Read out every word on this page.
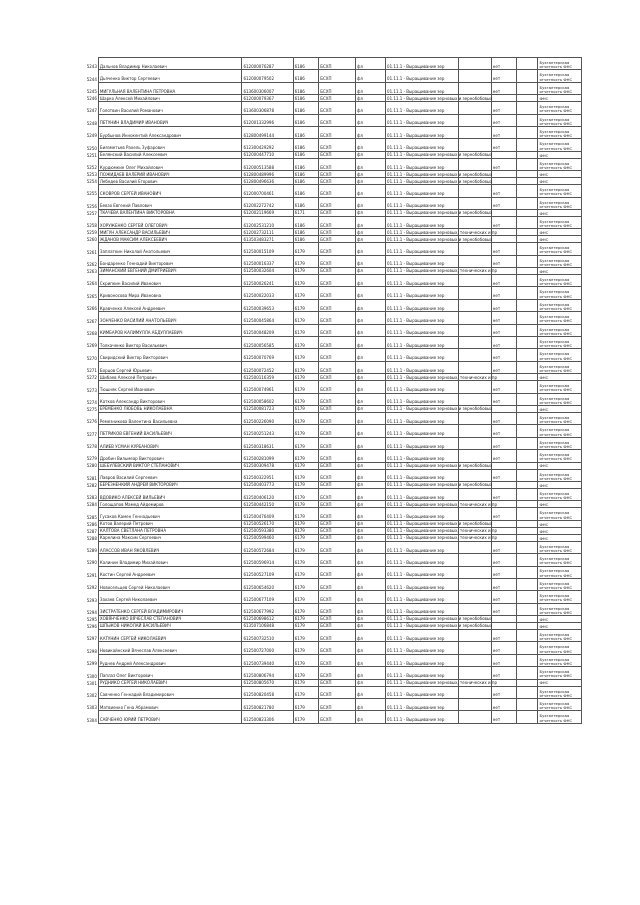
5243	Дальнов Владимир Николаевич	612000076287	6186	БСХП	фл	01.11.1 - Выращивание зер		нет		Бухгалтерская отчетность ФНС
5244	Дьяченко Виктор Сергеевич	612000079502	6186	БСХП	фл	01.11.1 - Выращивание зер		нет		Бухгалтерская отчетность ФНС
5245	МИГУЛЬНАЯ ВАЛЕНТИНА ПЕТРОВНА	613600306007	6186	БСХП	фл	01.11.1 - Выращивание зер		нет		Бухгалтерская отчетность ФНС
5246	Шарко Алексей Михайлович	612000079367	6186	БСХП	фл	01.11.1 - Выращивание зерновых и зернобобовых				ФНС
5247	Голотвин Василий Романович	613600306878	6186	БСХП	фл	01.11.1 - Выращивание зер		нет		Бухгалтерская отчетность ФНС
5248	ПЕТУНИН ВЛАДИМИР ИВАНОВИЧ	612001332996	6186	БСХП	фл	01.11.1 - Выращивание зер		нет		Бухгалтерская отчетность ФНС
5249	Бурбынов Иннокентий Александрович	612800499144	6186	БСХП	фл	01.11.1 - Выращивание зер		нет		Бухгалтерская отчетность ФНС
5250	Биязметьев Рахель Зуфарович	612300429292	6186	БСХП	фл	01.11.1 - Выращивание зер		нет		Бухгалтерская отчетность ФНС
5251	Белянский Василий Алексеевич	612000447710	6186	БСХП	фл	01.11.1 - Выращивание зерновых и зернобобовых				ФНС
5252	Курдюмкин Олег Михайлович	612000513588	6186	БСХП	фл	01.11.1 - Выращивание зер		нет		Бухгалтерская отчетность ФНС
5253	ПОЖИДАЕВ ВАЛЕРИЙ ИВАНОВИЧ	612800489996	6186	БСХП	фл	01.11.1 - Выращивание зерновых и зернобобовых				ФНС
5254	Лебедев Василий Егорович	612800496636	6186	БСХП	фл	01.11.1 - Выращивание зерновых и зернобобовых				ФНС
5255	СКОВРОВ СЕРГЕЙ ИВАНОВИЧ	612000700461	6186	БСХП	фл	01.11.1 - Выращивание зер		нет		Бухгалтерская отчетность ФНС
5256	Бевзо Евгений Павлович	612002272742	6186	БСХП	фл	01.11.1 - Выращивание зер		нет		Бухгалтерская отчетность ФНС
5257	ТКАЧЕВА ВАЛЕНТИНА ВИКТОРОВНА	612002119669	6171	БСХП	фл	01.11.1 - Выращивание зерновых и зернобобовых				ФНС
5258	ХОРУЖЕНКО СЕРГЕЙ ОЛЕГОВИЧ	612002531210	6186	БСХП	фл	01.11.1 - Выращивание зер		нет		Бухгалтерская отчетность ФНС
5259	МИГУН АЛЕКСАНДР ВАСИЛЬЕВИЧ	612002732111	6186	БСХП	фл	01.11.1 - Выращивание зерновых, технических и пр				ФНС
5260	ЖДАНОВ МАКСИМ АЛЕКСЕЕВИЧ	613503483271	6186	БСХП	фл	01.11.1 - Выращивание зерновых и зернобобовых				ФНС
5261	Заплаткин Николай Анатольевич	612500015109	6179	БСХП	фл	01.11.1 - Выращивание зер		нет		Бухгалтерская отчетность ФНС
5262	Бондаренко Геннадий Викторович	612500016337	6179	БСХП	фл	01.11.1 - Выращивание зер		нет		Бухгалтерская отчетность ФНС
5263	ЗИМАНСКИЙ ЕВГЕНИЙ ДМИТРИЕВИЧ	612500032604	6179	БСХП	фл	01.11.1 - Выращивание зерновых, технических и пр				ФНС
5264	Скрипкин Василий Иванович	612500026241	6179	БСХП	фл	01.11.1 - Выращивание зер		нет		Бухгалтерская отчетность ФНС
5265	Кривоносова Мира Ивановна	612500022033	6179	БСХП	фл	01.11.1 - Выращивание зер		нет		Бухгалтерская отчетность ФНС
5266	Кравченко Алексей Андреевич	612500039653	6179	БСХП	фл	01.11.1 - Выращивание зер		нет		Бухгалтерская отчетность ФНС
5267	ЗОНЧЕНКО ВАСИЛИЙ АНАТОЛЬЕВИЧ	612500045864	6179	БСХП	фл	01.11.1 - Выращивание зер		нет		Бухгалтерская отчетность ФНС
5268	КИМБАРОВ КАЛИМУЛЛА АБДУЛЛАЕВИЧ	612500048209	6179	БСХП	фл	01.11.1 - Выращивание зер		нет		Бухгалтерская отчетность ФНС
5269	Толкаченко Виктор Васильевич	612500056585	6179	БСХП	фл	01.11.1 - Выращивание зер		нет		Бухгалтерская отчетность ФНС
5270	Свиридский Виктор Викторович	612500070769	6179	БСХП	фл	01.11.1 - Выращивание зер		нет		Бухгалтерская отчетность ФНС
5271	Борцов Сергей Юрьевич	612500072452	6179	БСХП	фл	01.11.1 - Выращивание зер		нет		Бухгалтерская отчетность ФНС
5272	Шибаев Алексей Петрович	612500116359	6179	БСХП	фл	01.11.1 - Выращивание зерновых, технических и пр				ФНС
5273	Тюшняк Сергей Иванович	612500074961	6179	БСХП	фл	01.11.1 - Выращивание зер		нет		Бухгалтерская отчетность ФНС
5274	Катков Александр Викторович	612500058602	6179	БСХП	фл	01.11.1 - Выращивание зер		нет		Бухгалтерская отчетность ФНС
5275	ЕРЕМЕНКО ЛЮБОВЬ НИКОЛАЕВНА	612500081723	6179	БСХП	фл	01.11.1 - Выращивание зерновых и зернобобовых				ФНС
5276	Ремезникова Валентина Васильевна	612500226090	6179	БСХП	фл	01.11.1 - Выращивание зер		нет		Бухгалтерская отчетность ФНС
5277	ПЕТРИКОВ ЕВГЕНИЙ ВАСИЛЬЕВИЧ	612500251243	6179	БСХП	фл	01.11.1 - Выращивание зер		нет		Бухгалтерская отчетность ФНС
5278	АЛИЕВ УСМАН КУРБАНОВИЧ	612500318631	6179	БСХП	фл	01.11.1 - Выращивание зер		нет		Бухгалтерская отчетность ФНС
5279	Дробин Вильмеар Викторович	612500281099	6179	БСХП	фл	01.11.1 - Выращивание зер		нет		Бухгалтерская отчетность ФНС
5280	ШЕБУЛЕВСКИЙ ВИКТОР СТЕПАНОВИЧ	612500309478	6179	БСХП	фл	01.11.1 - Выращивание зерновых и зернобобовых				ФНС
5281	Лавров Василий Сергеевич	612500322951	6179	БСХП	фл	01.11.1 - Выращивание зер		нет		Бухгалтерская отчетность ФНС
5282	БЕРЕЗНЕНКИЙ АНДРЕЙ ВИКТОРОВИЧ	612500403773	6179	БСХП	фл	01.11.1 - Выращивание зерновых и зернобобовых				ФНС
5283	ВДОВИКО АЛЕКСЕЙ ВИЛЬЕВИЧ	612500406120	6179	БСХП	фл	01.11.1 - Выращивание зер		нет		Бухгалтерская отчетность ФНС
5284	Голощапов Мамед Айдемиров	612500442150	6179	БСХП	фл	01.11.1 - Выращивание зерновых, технических и пр				ФНС
5285	Гусаков Камен Геннадьевич	612500476409	6179	БСХП	фл	01.11.1 - Выращивание зер		нет		Бухгалтерская отчетность ФНС
5286	Котов Валерий Петрович	612500526170	6179	БСХП	фл	01.11.1 - Выращивание зерновых и зернобобовых				ФНС
5287	КАЛТОВА СВЕТЛАНА ПЕТРОВНА	612500593380	6179	БСХП	фл	01.11.1 - Выращивание зерновых, технических и пр				ФНС
5288	Карелина Максим Сергеевич	612500599460	6179	БСХП	фл	01.11.1 - Выращивание зерновых, технических и пр				ФНС
5289	АЛАССОВ ИВАН ЯКОВЛЕВИЧ	612500572684	6179	БСХП	фл	01.11.1 - Выращивание зер		нет		Бухгалтерская отчетность ФНС
5290	Калинин Владимир Михайлович	612500596914	6179	БСХП	фл	01.11.1 - Выращивание зер		нет		Бухгалтерская отчетность ФНС
5291	Костин Сергей Андреевич	612500527109	6179	БСХП	фл	01.11.1 - Выращивание зер		нет		Бухгалтерская отчетность ФНС
5292	Новосельцев Сергей Николаевич	612500654620	6179	БСХП	фл	01.11.1 - Выращивание зер		нет		Бухгалтерская отчетность ФНС
5293	Захаев Сергей Николаевич	612500677109	6179	БСХП	фл	01.11.1 - Выращивание зер		нет		Бухгалтерская отчетность ФНС
5294	ЗИСТРАТЕНКО СЕРГЕЙ ВЛАДИМИРОВИЧ	612500677992	6179	БСХП	фл	01.11.1 - Выращивание зер		нет		Бухгалтерская отчетность ФНС
5295	ХОВЯНЧЕНКО ВЯЧЕСЛАВ СТЕПАНОВИЧ	612500698612	6179	БСХП	фл	01.11.1 - Выращивание зерновых и зернобобовых				ФНС
5296	ШПЫКОВ НИКОЛАЙ ВАСИЛЬЕВИЧ	613507106848	6179	БСХП	фл	01.11.1 - Выращивание зерновых и зернобобовых				ФНС
5297	КАТУНИН СЕРГЕЙ НИКОЛАЕВИЧ	612500732510	6179	БСХП	фл	01.11.1 - Выращивание зер		нет		Бухгалтерская отчетность ФНС
5298	Новикайнский Вячеслав Алексеевич	612500727000	6179	БСХП	фл	01.11.1 - Выращивание зер		нет		Бухгалтерская отчетность ФНС
5299	Руднев Андрей Александрович	612500739440	6179	БСХП	фл	01.11.1 - Выращивание зер		нет		Бухгалтерская отчетность ФНС
5300	Паплаз Олег Викторович	612500806794	6179	БСХП	фл	01.11.1 - Выращивание зер		нет		Бухгалтерская отчетность ФНС
5301	РУДНИКО СЕРГЕЙ НИКОЛАЕВИЧ	612500805670	6179	БСХП	фл	01.11.1 - Выращивание зерновых, технических и пр				ФНС
5302	Савченко Геннадий Владимирович	612500820458	6179	БСХП	фл	01.11.1 - Выращивание зер		нет		Бухгалтерская отчетность ФНС
5303	Матвиенко Гена Абрамович	612500821780	6179	БСХП	фл	01.11.1 - Выращивание зер		нет		Бухгалтерская отчетность ФНС
5304	САВЧЕНКО ЮРИЙ ПЕТРОВИЧ	612500823306	6179	БСХП	фл	01.11.1 - Выращивание зер		нет		Бухгалтерская отчетность ФНС
